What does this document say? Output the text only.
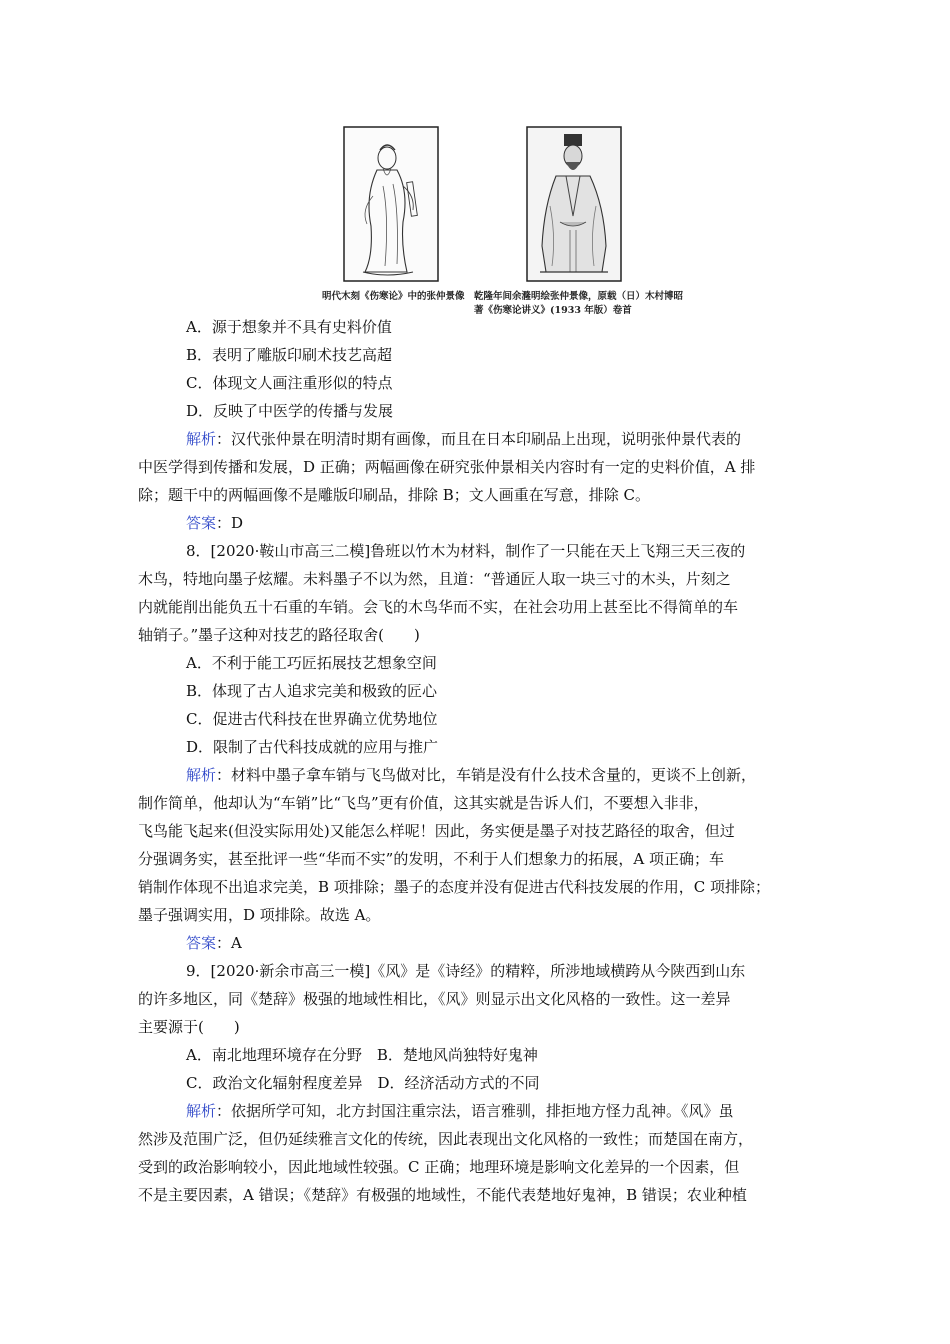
明代木刻《伤寒论》中的张仲景像 乾隆年间余漋明绘张仲景像，原载（日）木村博昭
著《伤寒论讲义》(1933 年版）卷首
A．源于想象并不具有史料价值
B．表明了雕版印刷术技艺高超
C．体现文人画注重形似的特点
D．反映了中医学的传播与发展
解析：汉代张仲景在明清时期有画像，而且在日本印刷品上出现，说明张仲景代表的
中医学得到传播和发展，D 正确；两幅画像在研究张仲景相关内容时有一定的史料价值，A 排
除；题干中的两幅画像不是雕版印刷品，排除 B；文人画重在写意，排除 C。
答案：D
8．[2020·鞍山市高三二模]鲁班以竹木为材料，制作了一只能在天上飞翔三天三夜的
木鸟，特地向墨子炫耀。未料墨子不以为然，且道：“普通匠人取一块三寸的木头，片刻之
内就能削出能负五十石重的车销。会飞的木鸟华而不实，在社会功用上甚至比不得简单的车
轴销子。”墨子这种对技艺的路径取舍(　　)
A．不利于能工巧匠拓展技艺想象空间
B．体现了古人追求完美和极致的匠心
C．促进古代科技在世界确立优势地位
D．限制了古代科技成就的应用与推广
解析：材料中墨子拿车销与飞鸟做对比，车销是没有什么技术含量的，更谈不上创新，
制作简单，他却认为“车销”比“飞鸟”更有价值，这其实就是告诉人们，不要想入非非，
飞鸟能飞起来(但没实际用处)又能怎么样呢！因此，务实便是墨子对技艺路径的取舍，但过
分强调务实，甚至批评一些“华而不实”的发明，不利于人们想象力的拓展，A 项正确；车
销制作体现不出追求完美，B 项排除；墨子的态度并没有促进古代科技发展的作用，C 项排除；
墨子强调实用，D 项排除。故选 A。
答案：A
9．[2020·新余市高三一模]《风》是《诗经》的精粹，所涉地域横跨从今陕西到山东
的许多地区，同《楚辞》极强的地域性相比，《风》则显示出文化风格的一致性。这一差异
主要源于(　　)
A．南北地理环境存在分野　B．楚地风尚独特好鬼神
C．政治文化辐射程度差异　D．经济活动方式的不同
解析：依据所学可知，北方封国注重宗法，语言雅驯，排拒地方怪力乱神。《风》虽
然涉及范围广泛，但仍延续雅言文化的传统，因此表现出文化风格的一致性；而楚国在南方，
受到的政治影响较小，因此地域性较强。C 正确；地理环境是影响文化差异的一个因素，但
不是主要因素，A 错误；《楚辞》有极强的地域性，不能代表楚地好鬼神，B 错误；农业种植
